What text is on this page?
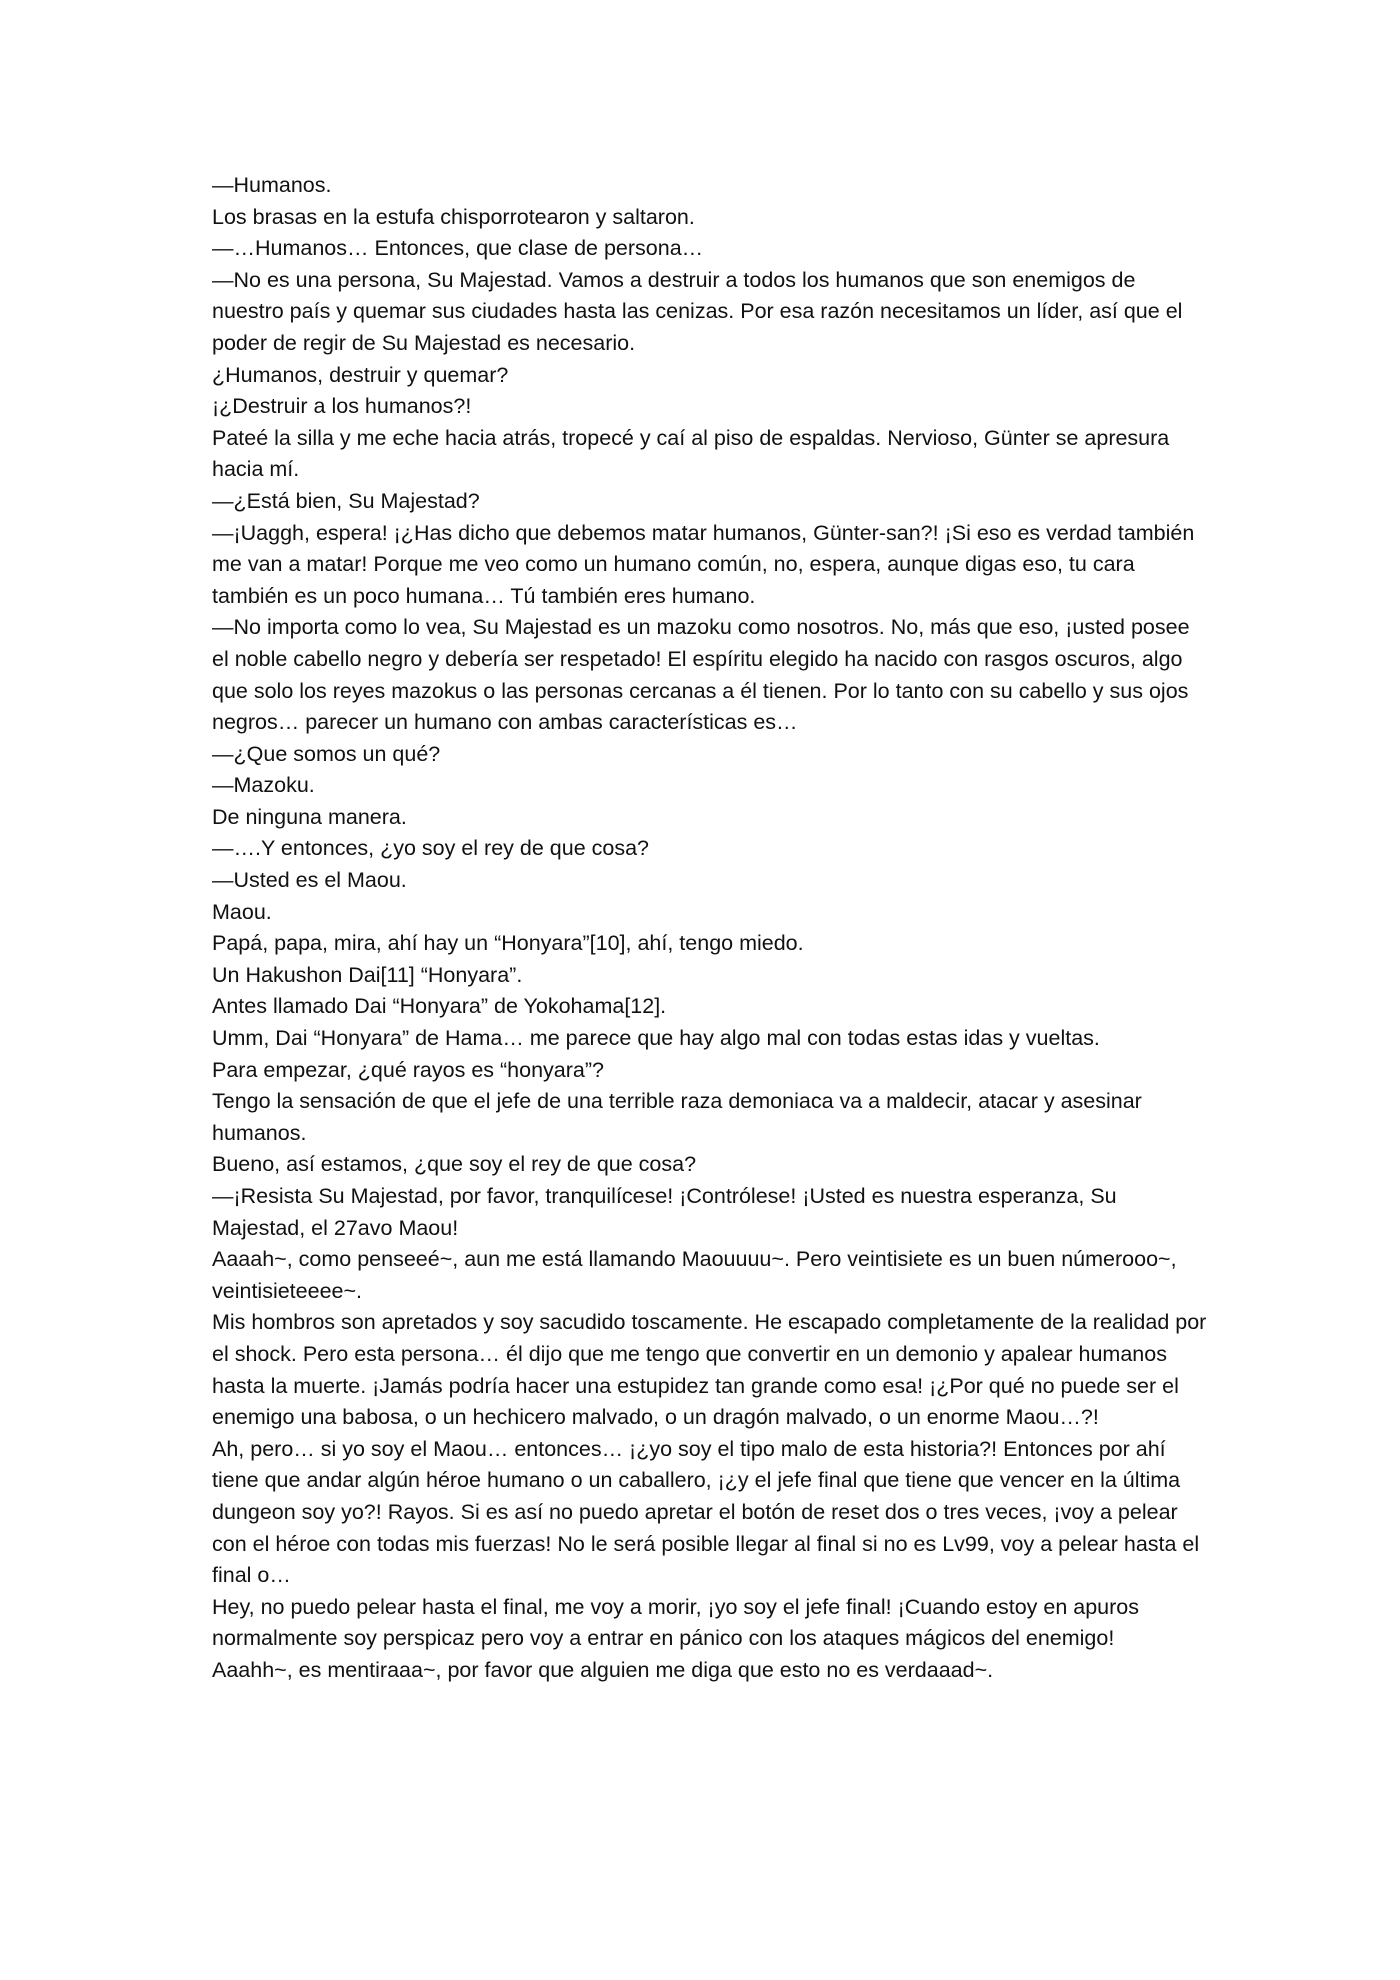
—Humanos.

Los brasas en la estufa chisporrotearon y saltaron.

—…Humanos… Entonces, que clase de persona…

—No es una persona, Su Majestad. Vamos a destruir a todos los humanos que son enemigos de nuestro país y quemar sus ciudades hasta las cenizas. Por esa razón necesitamos un líder, así que el poder de regir de Su Majestad es necesario.

¿Humanos, destruir y quemar?

¡¿Destruir a los humanos?!

Pateé la silla y me eche hacia atrás, tropecé y caí al piso de espaldas. Nervioso, Günter se apresura hacia mí.

—¿Está bien, Su Majestad?

—¡Uaggh, espera! ¡¿Has dicho que debemos matar humanos, Günter-san?! ¡Si eso es verdad también me van a matar! Porque me veo como un humano común, no, espera, aunque digas eso, tu cara también es un poco humana… Tú también eres humano.

—No importa como lo vea, Su Majestad es un mazoku como nosotros. No, más que eso, ¡usted posee el noble cabello negro y debería ser respetado! El espíritu elegido ha nacido con rasgos oscuros, algo que solo los reyes mazokus o las personas cercanas a él tienen. Por lo tanto con su cabello y sus ojos negros… parecer un humano con ambas características es…

—¿Que somos un qué?

—Mazoku.

De ninguna manera.

—….Y entonces, ¿yo soy el rey de que cosa?

—Usted es el Maou.

Maou.

Papá, papa, mira, ahí hay un “Honyara”[10], ahí, tengo miedo.

Un Hakushon Dai[11] “Honyara”.

Antes llamado Dai “Honyara” de Yokohama[12].

Umm, Dai “Honyara” de Hama… me parece que hay algo mal con todas estas idas y vueltas.

Para empezar, ¿qué rayos es “honyara”?

Tengo la sensación de que el jefe de una terrible raza demoniaca va a maldecir, atacar y asesinar humanos.

Bueno, así estamos, ¿que soy el rey de que cosa?

—¡Resista Su Majestad, por favor, tranquilícese! ¡Contrólese! ¡Usted es nuestra esperanza, Su Majestad, el 27avo Maou!

Aaaah~, como penseeé~, aun me está llamando Maouuuu~. Pero veintisiete es un buen númerooo~, veintisieteeee~.

Mis hombros son apretados y soy sacudido toscamente. He escapado completamente de la realidad por el shock. Pero esta persona… él dijo que me tengo que convertir en un demonio y apalear humanos hasta la muerte. ¡Jamás podría hacer una estupidez tan grande como esa! ¡¿Por qué no puede ser el enemigo una babosa, o un hechicero malvado, o un dragón malvado, o un enorme Maou…?!

Ah, pero… si yo soy el Maou… entonces… ¡¿yo soy el tipo malo de esta historia?! Entonces por ahí tiene que andar algún héroe humano o un caballero, ¡¿y el jefe final que tiene que vencer en la última dungeon soy yo?! Rayos. Si es así no puedo apretar el botón de reset dos o tres veces, ¡voy a pelear con el héroe con todas mis fuerzas! No le será posible llegar al final si no es Lv99, voy a pelear hasta el final o…

Hey, no puedo pelear hasta el final, me voy a morir, ¡yo soy el jefe final! ¡Cuando estoy en apuros normalmente soy perspicaz pero voy a entrar en pánico con los ataques mágicos del enemigo!

Aaahh~, es mentiraaa~, por favor que alguien me diga que esto no es verdaaad~.
